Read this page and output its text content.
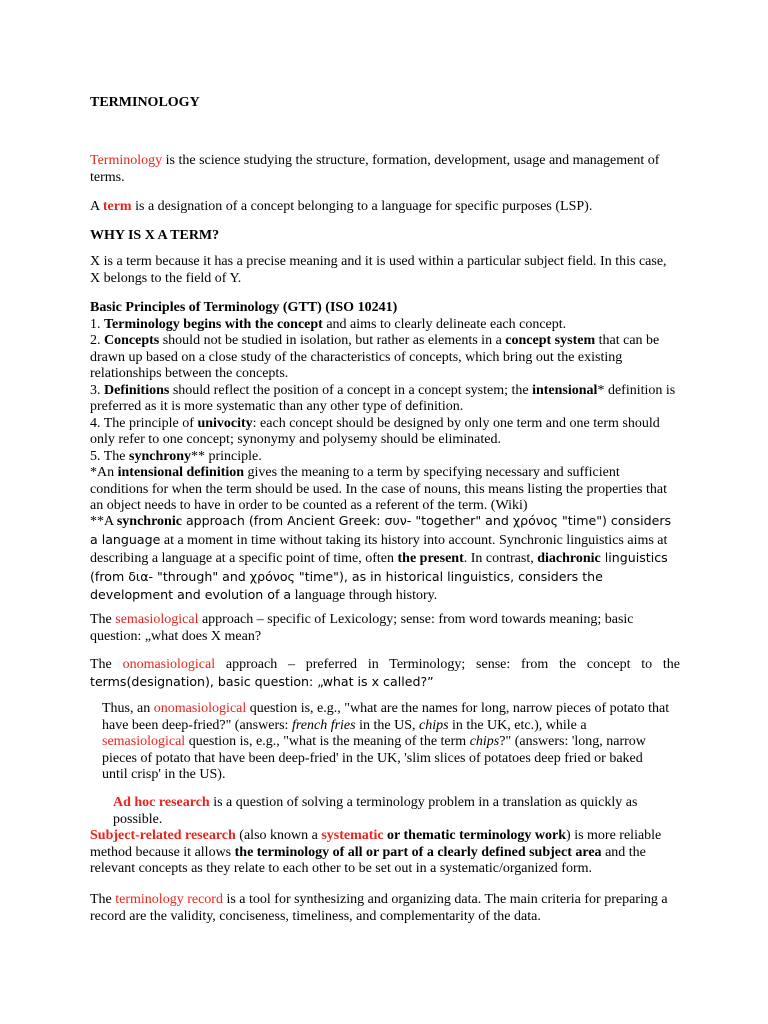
TERMINOLOGY

Terminology is the science studying the structure, formation, development, usage and management of terms.

A term is a designation of a concept belonging to a language for specific purposes (LSP).

WHY IS X A TERM?

X is a term because it has a precise meaning and it is used within a particular subject field. In this case, X belongs to the field of Y.

Basic Principles of Terminology (GTT) (ISO 10241)
1. Terminology begins with the concept and aims to clearly delineate each concept.
2. Concepts should not be studied in isolation, but rather as elements in a concept system that can be drawn up based on a close study of the characteristics of concepts, which bring out the existing relationships between the concepts.
3. Definitions should reflect the position of a concept in a concept system; the intensional* definition is preferred as it is more systematic than any other type of definition.
4. The principle of univocity: each concept should be designed by only one term and one term should only refer to one concept; synonymy and polysemy should be eliminated.
5. The synchrony** principle.
*An intensional definition gives the meaning to a term by specifying necessary and sufficient conditions for when the term should be used. In the case of nouns, this means listing the properties that an object needs to have in order to be counted as a referent of the term. (Wiki)
**A synchronic approach (from Ancient Greek: συν- "together" and χρόνος "time") considers a language at a moment in time without taking its history into account. Synchronic linguistics aims at describing a language at a specific point of time, often the present. In contrast, diachronic linguistics (from δια- "through" and χρόνος "time"), as in historical linguistics, considers the development and evolution of a language through history.

The semasiological approach – specific of Lexicology; sense: from word towards meaning; basic question: „what does X mean?

The onomasiological approach – preferred in Terminology; sense: from the concept to the terms(designation), basic question: „what is x called?”

Thus, an onomasiological question is, e.g., "what are the names for long, narrow pieces of potato that have been deep-fried?" (answers: french fries in the US, chips in the UK, etc.), while a semasiological question is, e.g., "what is the meaning of the term chips?" (answers: 'long, narrow pieces of potato that have been deep-fried' in the UK, 'slim slices of potatoes deep fried or baked until crisp' in the US).

Ad hoc research is a question of solving a terminology problem in a translation as quickly as possible.
Subject-related research (also known a systematic or thematic terminology work) is more reliable method because it allows the terminology of all or part of a clearly defined subject area and the relevant concepts as they relate to each other to be set out in a systematic/organized form.

The terminology record is a tool for synthesizing and organizing data. The main criteria for preparing a record are the validity, conciseness, timeliness, and complementarity of the data.
